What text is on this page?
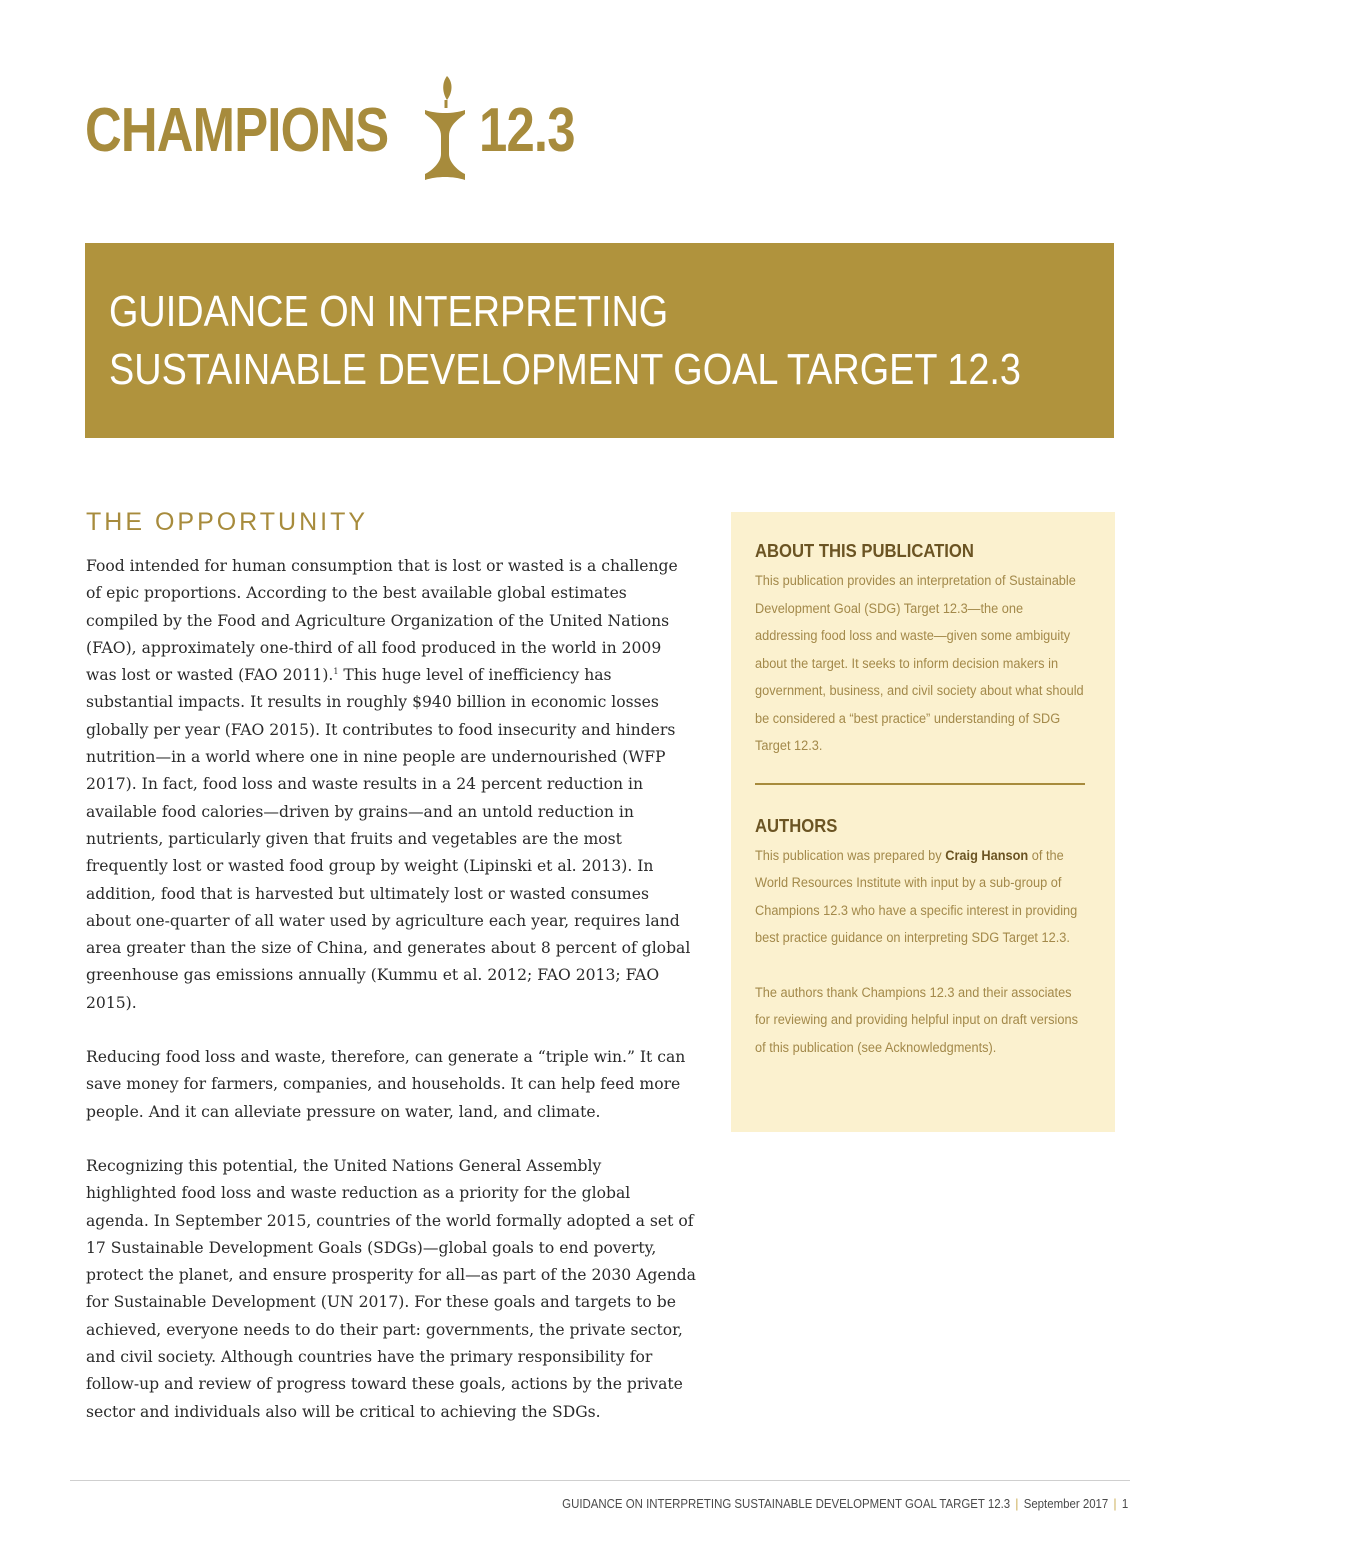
CHAMPIONS 12.3
GUIDANCE ON INTERPRETING
SUSTAINABLE DEVELOPMENT GOAL TARGET 12.3
12 RESPONSIBLE
CONSUMPTION
AND PRODUCTION
THE OPPORTUNITY

Food intended for human consumption that is lost or wasted is a challenge of epic proportions. According to the best available global estimates compiled by the Food and Agriculture Organization of the United Nations (FAO), approximately one-third of all food produced in the world in 2009 was lost or wasted (FAO 2011).$^1$ This huge level of inefficiency has substantial impacts. It results in roughly $940 billion in economic losses globally per year (FAO 2015). It contributes to food insecurity and hinders nutrition—in a world where one in nine people are undernourished (WFP 2017). In fact, food loss and waste results in a 24 percent reduction in available food calories—driven by grains—and an untold reduction in nutrients, particularly given that fruits and vegetables are the most frequently lost or wasted food group by weight (Lipinski et al. 2013). In addition, food that is harvested but ultimately lost or wasted consumes about one-quarter of all water used by agriculture each year, requires land area greater than the size of China, and generates about 8 percent of global greenhouse gas emissions annually (Kummu et al. 2012; FAO 2013; FAO 2015).

Reducing food loss and waste, therefore, can generate a “triple win.” It can save money for farmers, companies, and households. It can help feed more people. And it can alleviate pressure on water, land, and climate.

Recognizing this potential, the United Nations General Assembly highlighted food loss and waste reduction as a priority for the global agenda. In September 2015, countries of the world formally adopted a set of 17 Sustainable Development Goals (SDGs)—global goals to end poverty, protect the planet, and ensure prosperity for all—as part of the 2030 Agenda for Sustainable Development (UN 2017). For these goals and targets to be achieved, everyone needs to do their part: governments, the private sector, and civil society. Although countries have the primary responsibility for follow-up and review of progress toward these goals, actions by the private sector and individuals also will be critical to achieving the SDGs.

ABOUT THIS PUBLICATION

This publication provides an interpretation of Sustainable Development Goal (SDG) Target 12.3—the one addressing food loss and waste—given some ambiguity about the target. It seeks to inform decision makers in government, business, and civil society about what should be considered a “best practice” understanding of SDG Target 12.3.

AUTHORS

This publication was prepared by Craig Hanson of the World Resources Institute with input by a sub-group of Champions 12.3 who have a specific interest in providing best practice guidance on interpreting SDG Target 12.3.

The authors thank Champions 12.3 and their associates for reviewing and providing helpful input on draft versions of this publication (see Acknowledgments).

GUIDANCE ON INTERPRETING SUSTAINABLE DEVELOPMENT GOAL TARGET 12.3 | September 2017 | 1
